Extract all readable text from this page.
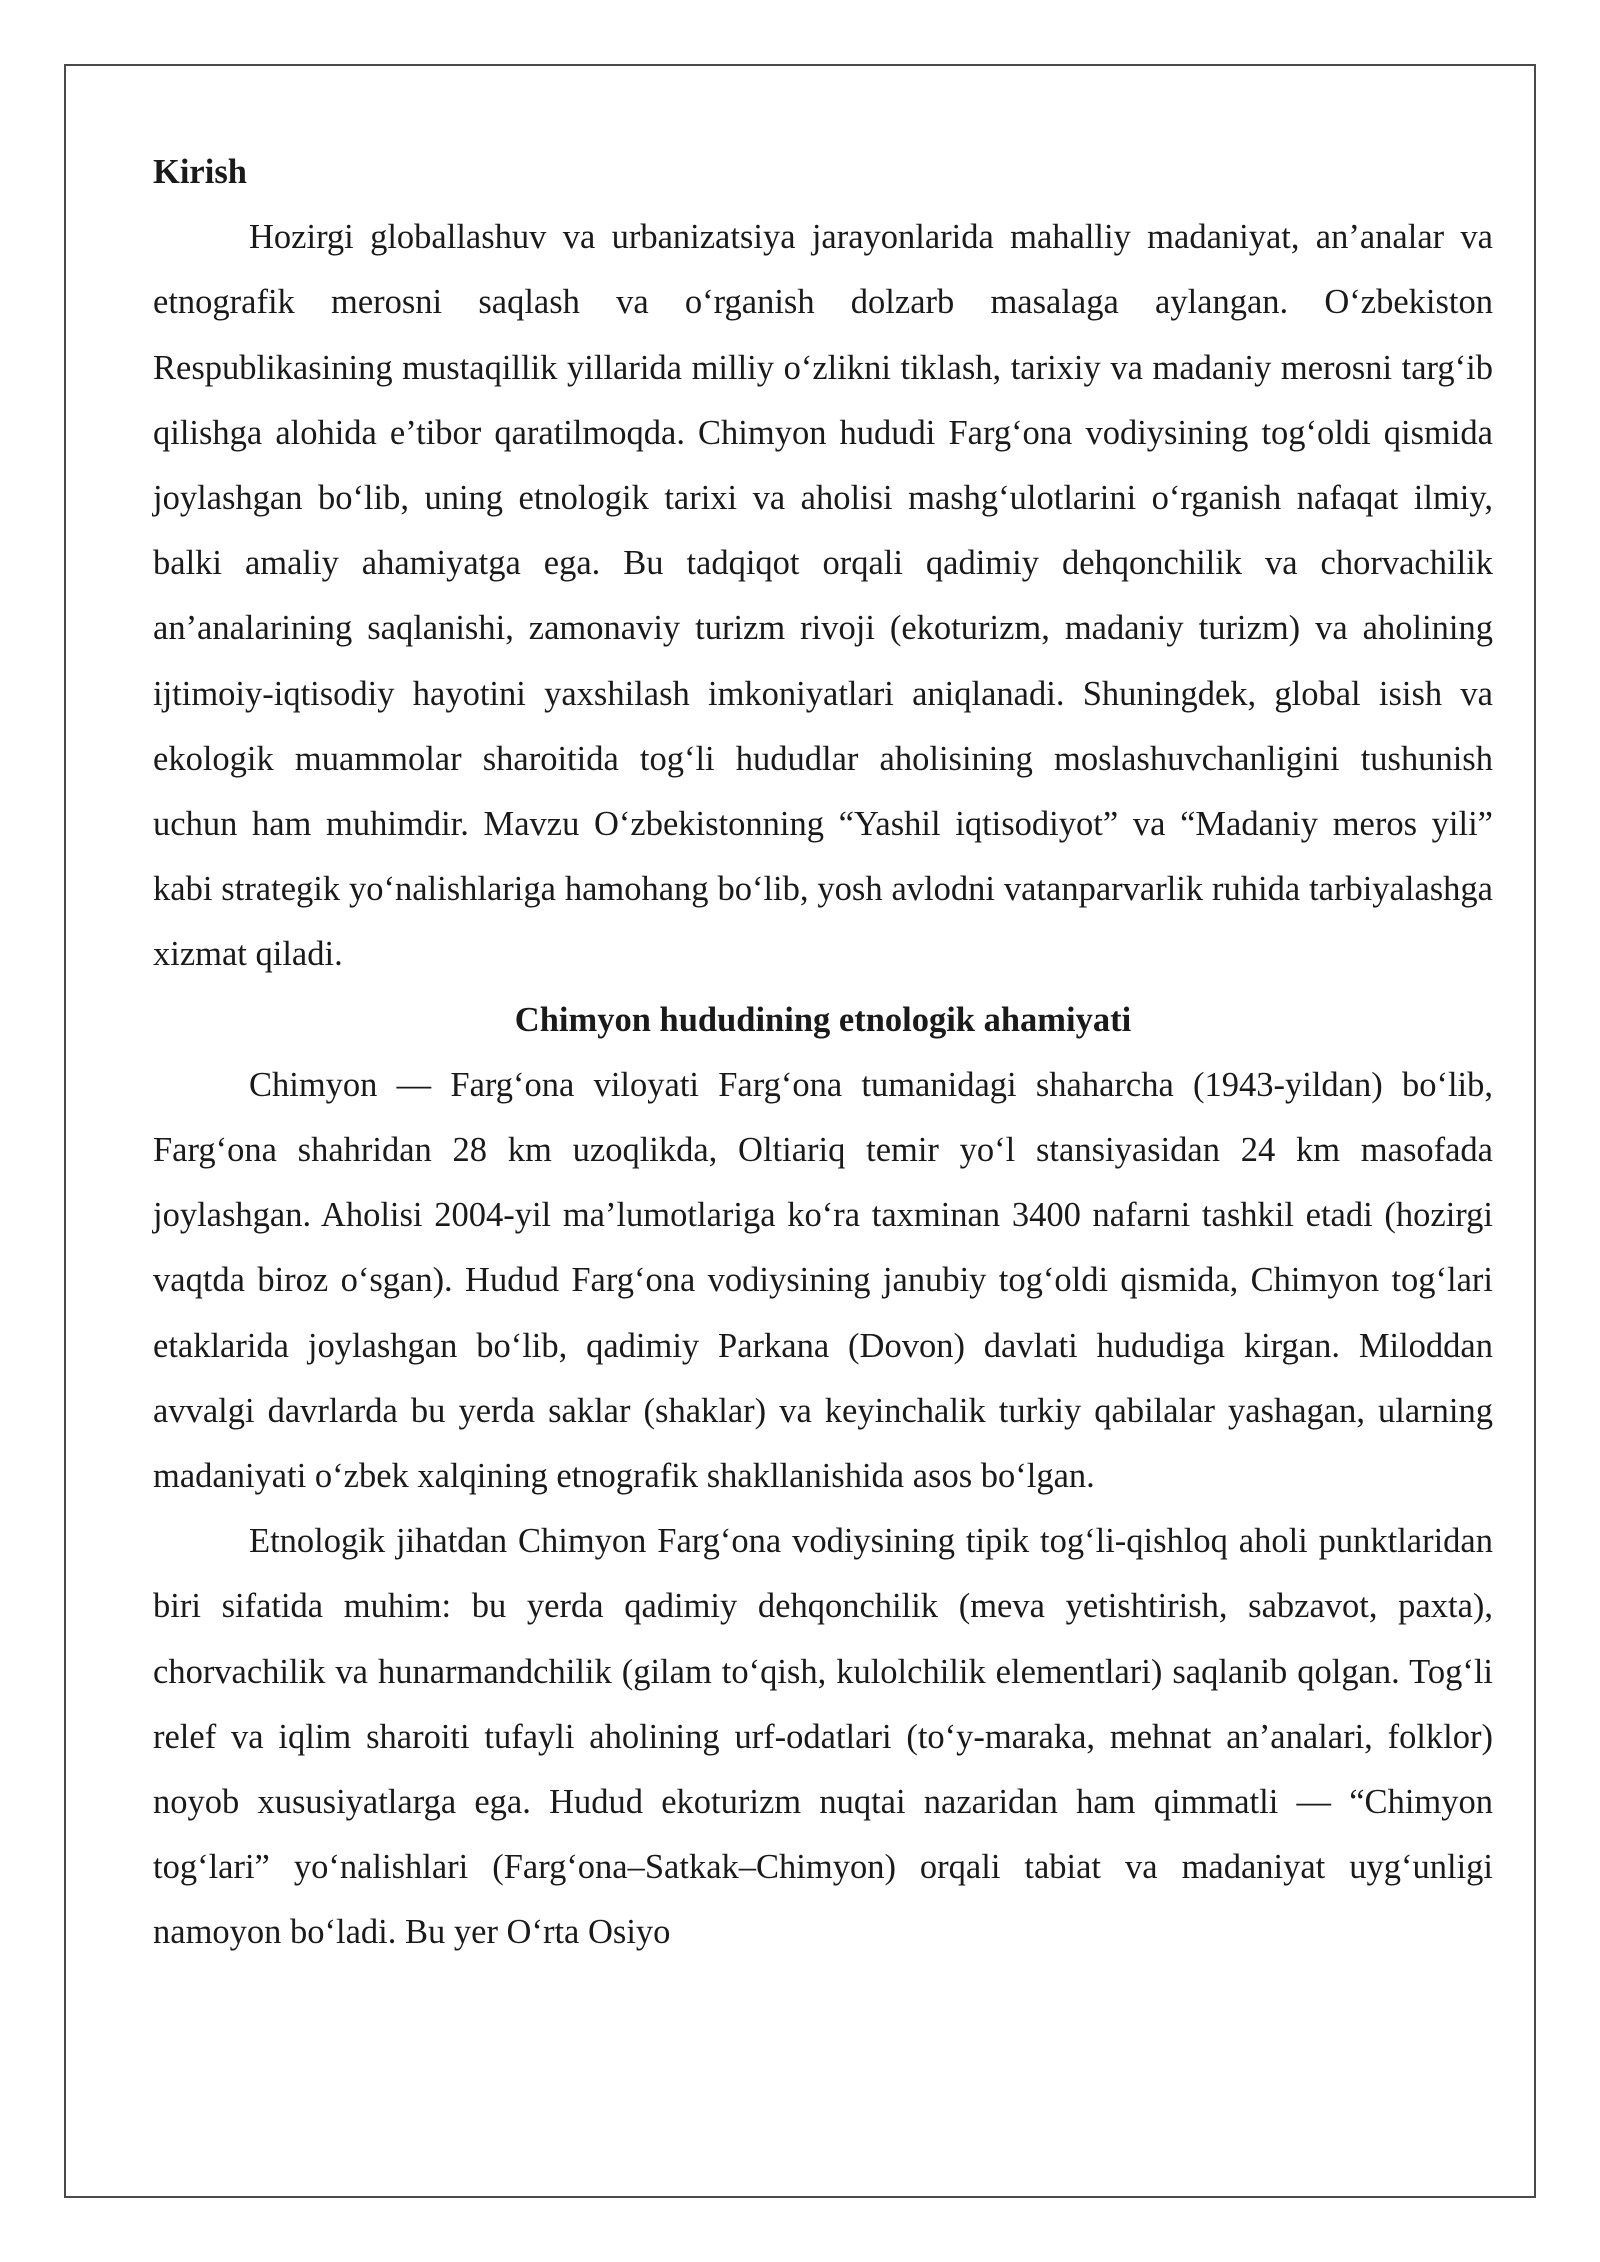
Kirish

Hozirgi globallashuv va urbanizatsiya jarayonlarida mahalliy madaniyat, an’analar va etnografik merosni saqlash va o‘rganish dolzarb masalaga aylangan. O‘zbekiston Respublikasining mustaqillik yillarida milliy o‘zlikni tiklash, tarixiy va madaniy merosni targ‘ib qilishga alohida e’tibor qaratilmoqda. Chimyon hududi Farg‘ona vodiysining tog‘oldi qismida joylashgan bo‘lib, uning etnologik tarixi va aholisi mashg‘ulotlarini o‘rganish nafaqat ilmiy, balki amaliy ahamiyatga ega. Bu tadqiqot orqali qadimiy dehqonchilik va chorvachilik an’analarining saqlanishi, zamonaviy turizm rivoji (ekoturizm, madaniy turizm) va aholining ijtimoiy-iqtisodiy hayotini yaxshilash imkoniyatlari aniqlanadi. Shuningdek, global isish va ekologik muammolar sharoitida tog‘li hududlar aholisining moslashuvchanligini tushunish uchun ham muhimdir. Mavzu O‘zbekistonning “Yashil iqtisodiyot” va “Madaniy meros yili” kabi strategik yo‘nalishlariga hamohang bo‘lib, yosh avlodni vatanparvarlik ruhida tarbiyalashga xizmat qiladi.

Chimyon hududining etnologik ahamiyati

Chimyon — Farg‘ona viloyati Farg‘ona tumanidagi shaharcha (1943-yildan) bo‘lib, Farg‘ona shahridan 28 km uzoqlikda, Oltiariq temir yo‘l stansiyasidan 24 km masofada joylashgan. Aholisi 2004-yil ma’lumotlariga ko‘ra taxminan 3400 nafarni tashkil etadi (hozirgi vaqtda biroz o‘sgan). Hudud Farg‘ona vodiysining janubiy tog‘oldi qismida, Chimyon tog‘lari etaklarida joylashgan bo‘lib, qadimiy Parkana (Dovon) davlati hududiga kirgan. Miloddan avvalgi davrlarda bu yerda saklar (shaklar) va keyinchalik turkiy qabilalar yashagan, ularning madaniyati o‘zbek xalqining etnografik shakllanishida asos bo‘lgan.

Etnologik jihatdan Chimyon Farg‘ona vodiysining tipik tog‘li-qishloq aholi punktlaridan biri sifatida muhim: bu yerda qadimiy dehqonchilik (meva yetishtirish, sabzavot, paxta), chorvachilik va hunarmandchilik (gilam to‘qish, kulolchilik elementlari) saqlanib qolgan. Tog‘li relef va iqlim sharoiti tufayli aholining urf-odatlari (to‘y-maraka, mehnat an’analari, folklor) noyob xususiyatlarga ega. Hudud ekoturizm nuqtai nazaridan ham qimmatli — “Chimyon tog‘lari” yo‘nalishlari (Farg‘ona–Satkak–Chimyon) orqali tabiat va madaniyat uyg‘unligi namoyon bo‘ladi. Bu yer O‘rta Osiyo
